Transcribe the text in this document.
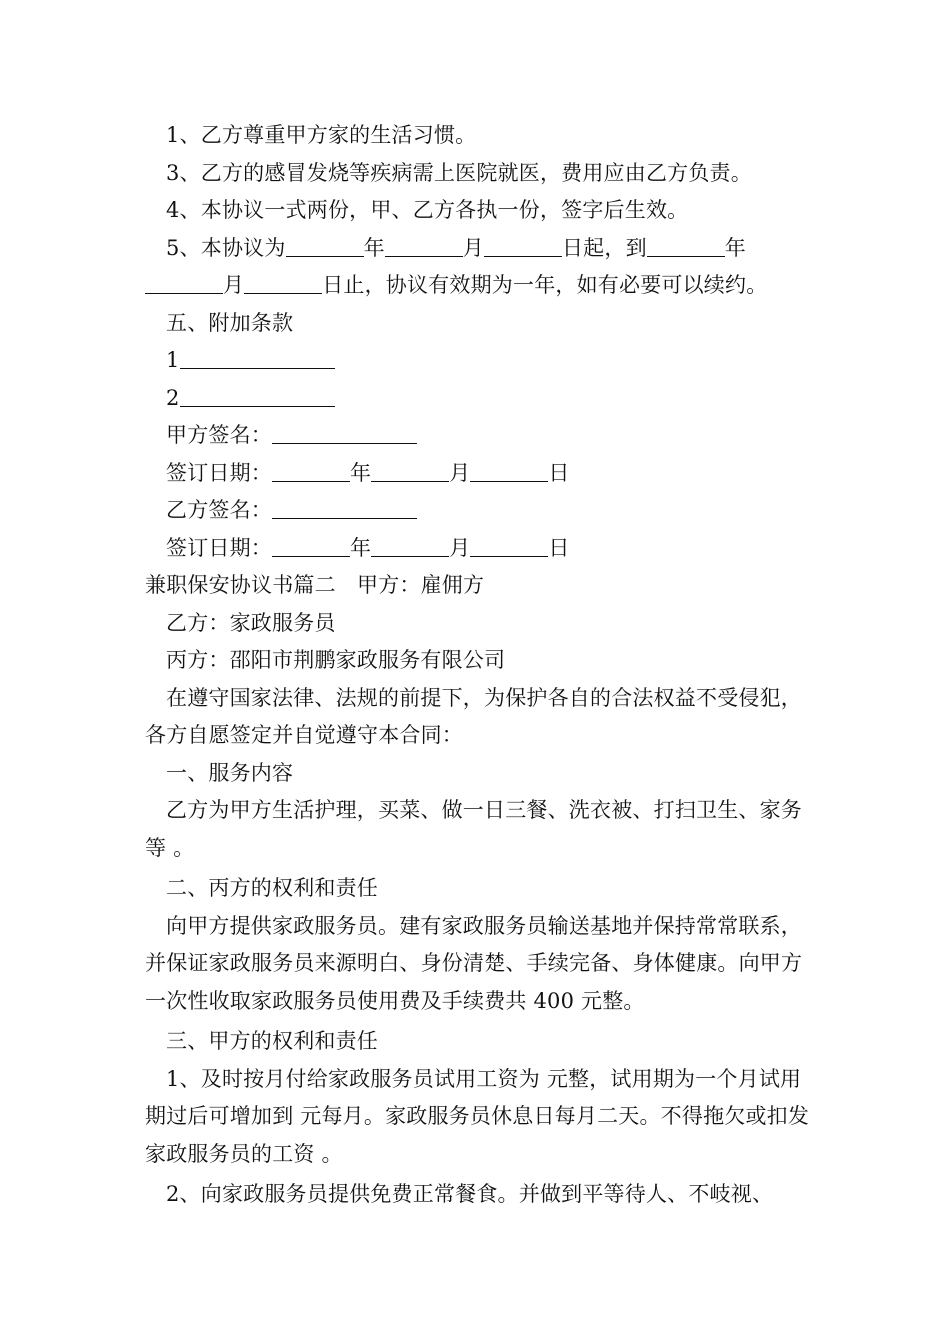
1、乙方尊重甲方家的生活习惯。

3、乙方的感冒发烧等疾病需上医院就医，费用应由乙方负责。

4、本协议一式两份，甲、乙方各执一份，签字后生效。

5、本协议为	年	月	日起，到	年月	日止，协议有效期为一年，如有必要可以续约。

五、附加条款

1

2

甲方签名：

签订日期：	年	月	日

乙方签名：

签订日期：	年	月	日

兼职保安协议书篇二　甲方：雇佣方

乙方：家政服务员

丙方：邵阳市荆鹏家政服务有限公司

在遵守国家法律、法规的前提下，为保护各自的合法权益不受侵犯，各方自愿签定并自觉遵守本合同：

一、服务内容

乙方为甲方生活护理，买菜、做一日三餐、洗衣被、打扫卫生、家务等 。

二、丙方的权利和责任

向甲方提供家政服务员。建有家政服务员输送基地并保持常常联系，并保证家政服务员来源明白、身份清楚、手续完备、身体健康。向甲方一次性收取家政服务员使用费及手续费共 400 元整。

三、甲方的权利和责任

1、及时按月付给家政服务员试用工资为 元整，试用期为一个月试用期过后可增加到 元每月。家政服务员休息日每月二天。不得拖欠或扣发家政服务员的工资 。

2、向家政服务员提供免费正常餐食。并做到平等待人、不岐视、
